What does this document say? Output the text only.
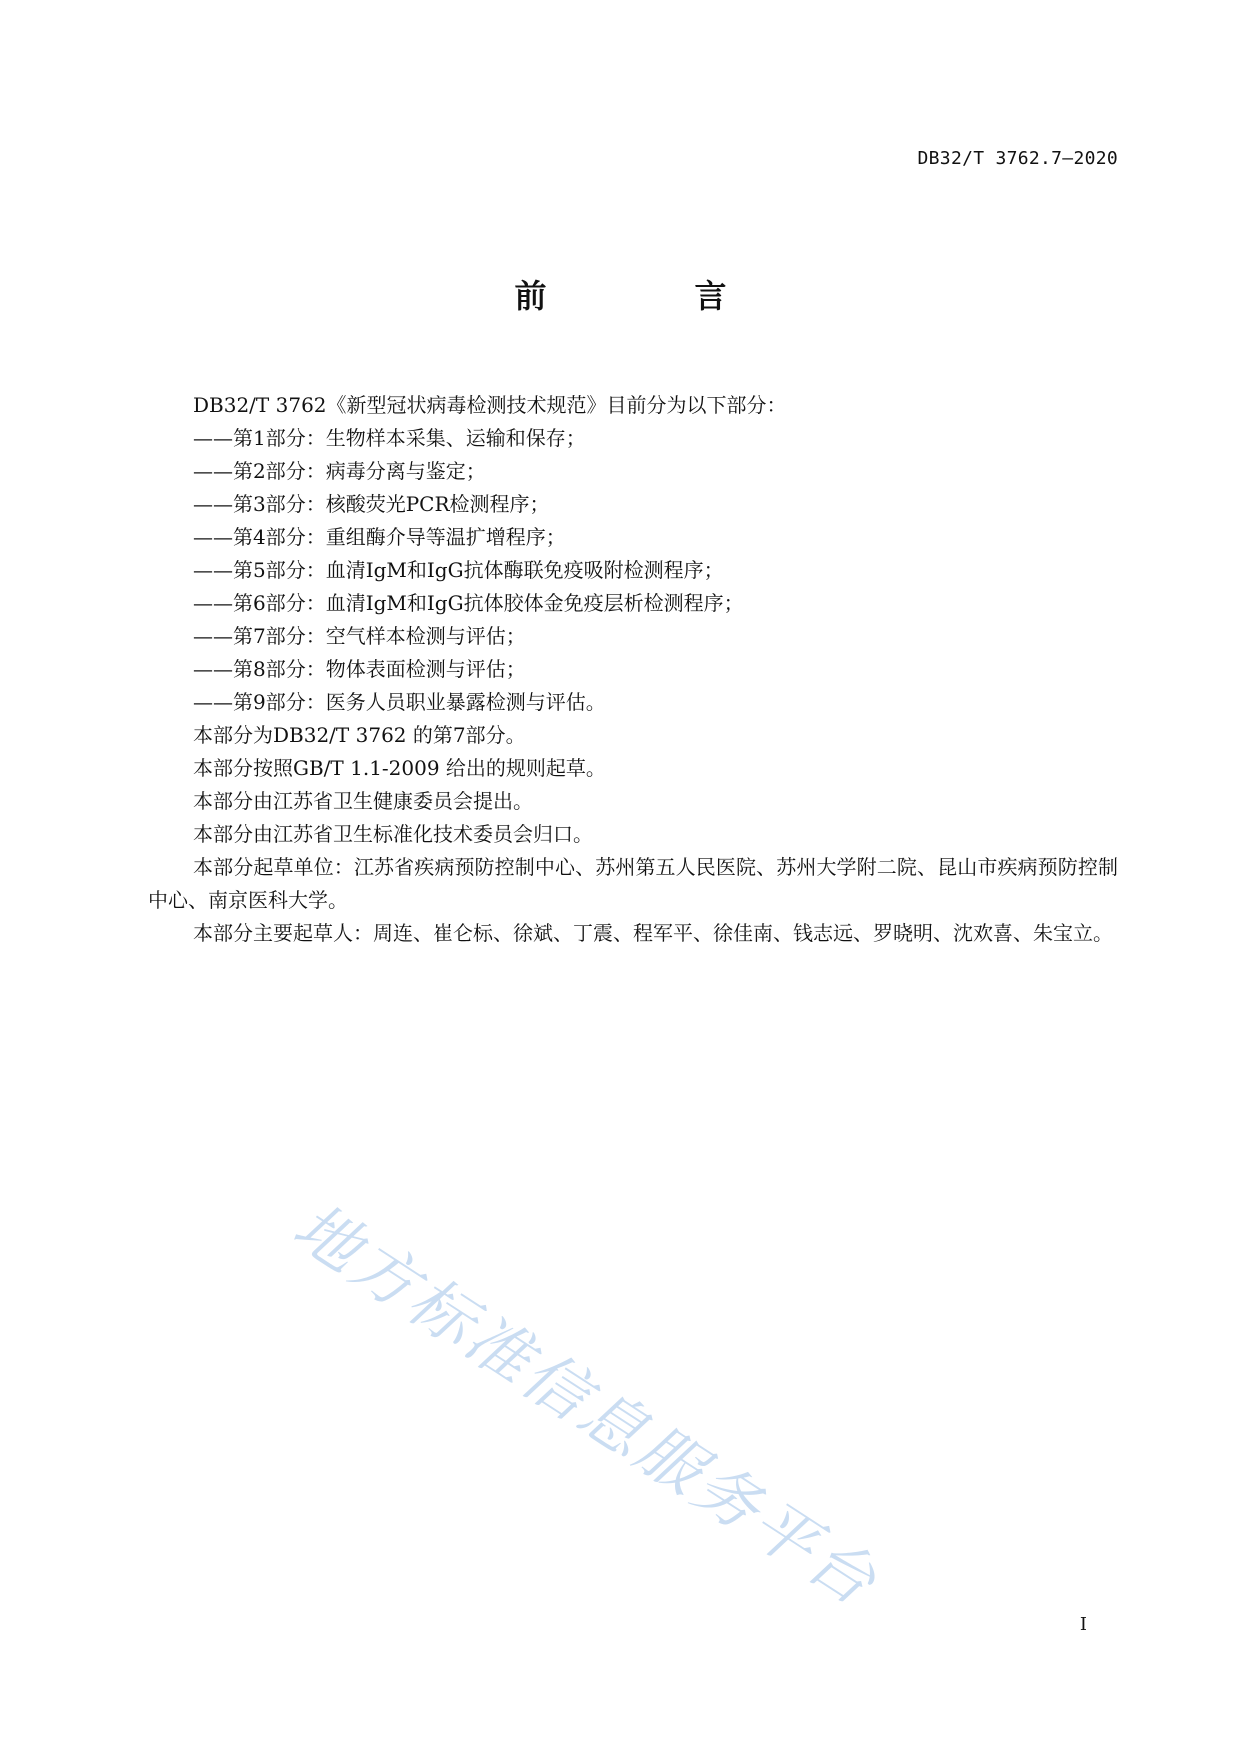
DB32/T 3762.7—2020
前　言

DB32/T 3762《新型冠状病毒检测技术规范》目前分为以下部分：

——第1部分：生物样本采集、运输和保存；

——第2部分：病毒分离与鉴定；

——第3部分：核酸荧光PCR检测程序；

——第4部分：重组酶介导等温扩增程序；

——第5部分：血清IgM和IgG抗体酶联免疫吸附检测程序；

——第6部分：血清IgM和IgG抗体胶体金免疫层析检测程序；

——第7部分：空气样本检测与评估；

——第8部分：物体表面检测与评估；

——第9部分：医务人员职业暴露检测与评估。

本部分为DB32/T 3762 的第7部分。

本部分按照GB/T 1.1-2009 给出的规则起草。

本部分由江苏省卫生健康委员会提出。

本部分由江苏省卫生标准化技术委员会归口。

本部分起草单位：江苏省疾病预防控制中心、苏州第五人民医院、苏州大学附二院、昆山市疾病预防控制中心、南京医科大学。

本部分主要起草人：周连、崔仑标、徐斌、丁震、程军平、徐佳南、钱志远、罗晓明、沈欢喜、朱宝立。

地方标准信息服务平台
I
